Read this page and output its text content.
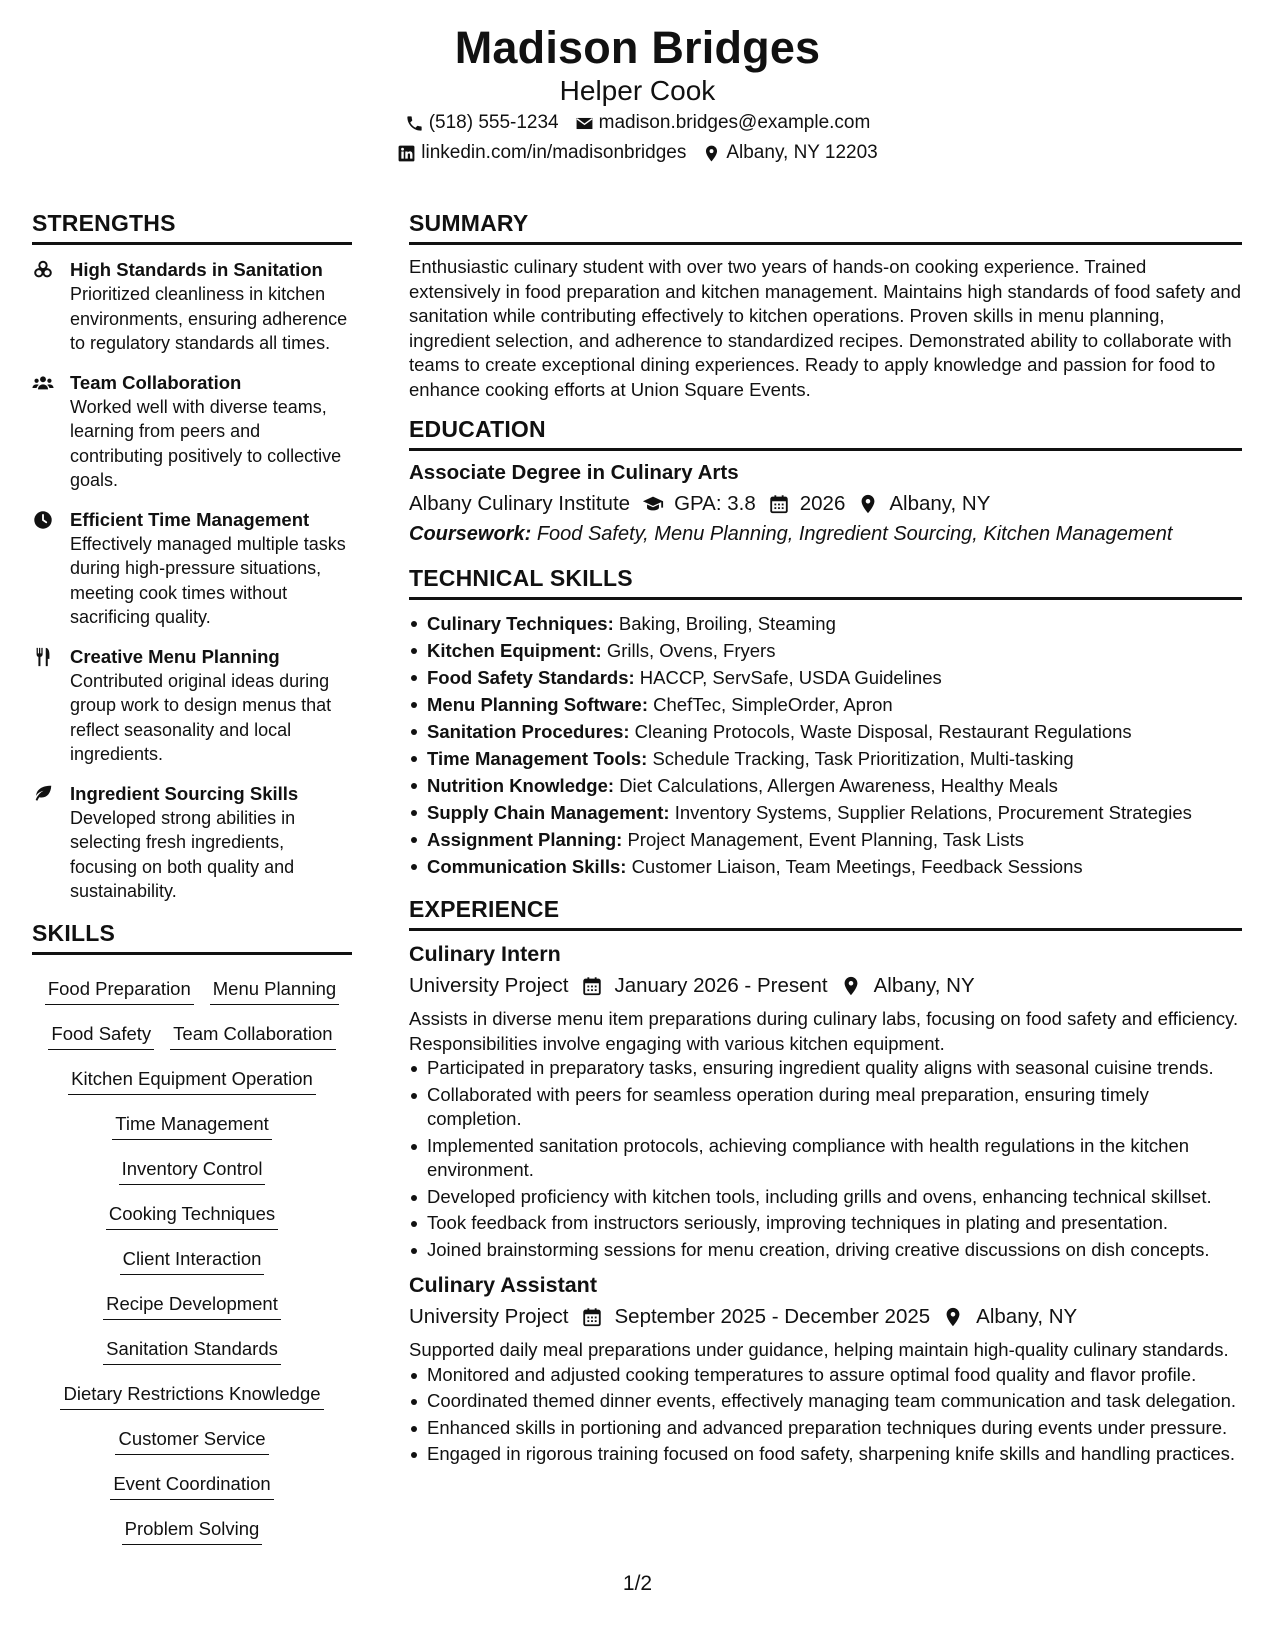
Madison Bridges
Helper Cook
(518) 555-1234 madison.bridges@example.com
linkedin.com/in/madisonbridges Albany, NY 12203
STRENGTHS
High Standards in Sanitation
Prioritized cleanliness in kitchen environments, ensuring adherence to regulatory standards all times.
Team Collaboration
Worked well with diverse teams, learning from peers and contributing positively to collective goals.
Efficient Time Management
Effectively managed multiple tasks during high-pressure situations, meeting cook times without sacrificing quality.
Creative Menu Planning
Contributed original ideas during group work to design menus that reflect seasonality and local ingredients.
Ingredient Sourcing Skills
Developed strong abilities in selecting fresh ingredients, focusing on both quality and sustainability.
SKILLS
Food Preparation Menu Planning
Food Safety Team Collaboration
Kitchen Equipment Operation
Time Management
Inventory Control
Cooking Techniques
Client Interaction
Recipe Development
Sanitation Standards
Dietary Restrictions Knowledge
Customer Service
Event Coordination
Problem Solving
SUMMARY
Enthusiastic culinary student with over two years of hands-on cooking experience. Trained extensively in food preparation and kitchen management. Maintains high standards of food safety and sanitation while contributing effectively to kitchen operations. Proven skills in menu planning, ingredient selection, and adherence to standardized recipes. Demonstrated ability to collaborate with teams to create exceptional dining experiences. Ready to apply knowledge and passion for food to enhance cooking efforts at Union Square Events.
EDUCATION
Associate Degree in Culinary Arts
Albany Culinary Institute GPA: 3.8 2026 Albany, NY
Coursework: Food Safety, Menu Planning, Ingredient Sourcing, Kitchen Management
TECHNICAL SKILLS
Culinary Techniques: Baking, Broiling, Steaming
Kitchen Equipment: Grills, Ovens, Fryers
Food Safety Standards: HACCP, ServSafe, USDA Guidelines
Menu Planning Software: ChefTec, SimpleOrder, Apron
Sanitation Procedures: Cleaning Protocols, Waste Disposal, Restaurant Regulations
Time Management Tools: Schedule Tracking, Task Prioritization, Multi-tasking
Nutrition Knowledge: Diet Calculations, Allergen Awareness, Healthy Meals
Supply Chain Management: Inventory Systems, Supplier Relations, Procurement Strategies
Assignment Planning: Project Management, Event Planning, Task Lists
Communication Skills: Customer Liaison, Team Meetings, Feedback Sessions
EXPERIENCE
Culinary Intern
University Project January 2026 - Present Albany, NY
Assists in diverse menu item preparations during culinary labs, focusing on food safety and efficiency. Responsibilities involve engaging with various kitchen equipment.
Participated in preparatory tasks, ensuring ingredient quality aligns with seasonal cuisine trends.
Collaborated with peers for seamless operation during meal preparation, ensuring timely completion.
Implemented sanitation protocols, achieving compliance with health regulations in the kitchen environment.
Developed proficiency with kitchen tools, including grills and ovens, enhancing technical skillset.
Took feedback from instructors seriously, improving techniques in plating and presentation.
Joined brainstorming sessions for menu creation, driving creative discussions on dish concepts.
Culinary Assistant
University Project September 2025 - December 2025 Albany, NY
Supported daily meal preparations under guidance, helping maintain high-quality culinary standards.
Monitored and adjusted cooking temperatures to assure optimal food quality and flavor profile.
Coordinated themed dinner events, effectively managing team communication and task delegation.
Enhanced skills in portioning and advanced preparation techniques during events under pressure.
Engaged in rigorous training focused on food safety, sharpening knife skills and handling practices.
1/2
